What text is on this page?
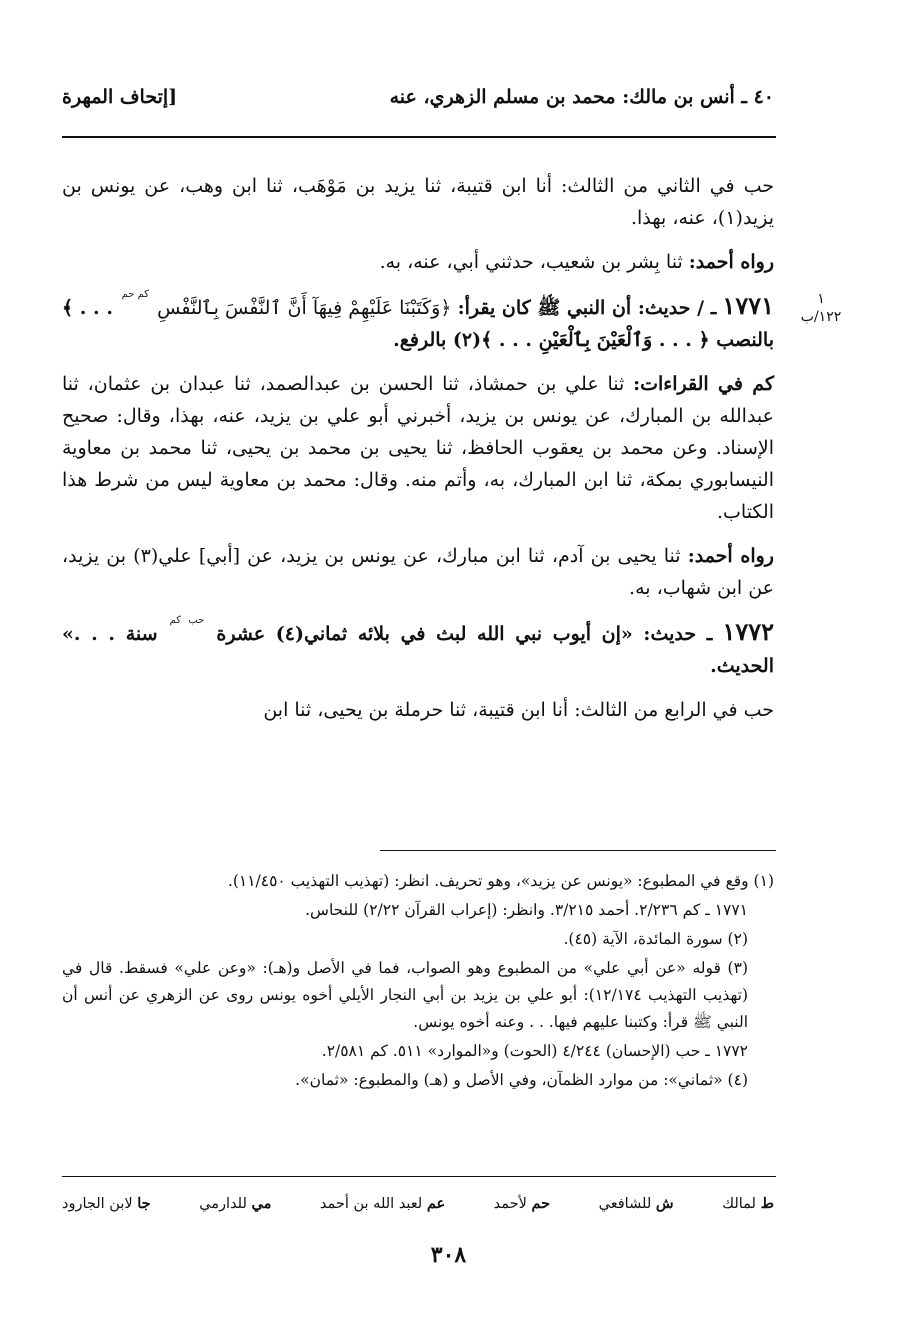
٤٠ ـ أنس بن مالك: محمد بن مسلم الزهري، عنه
[إتحاف المهرة
١
١٢٢/ب

حب في الثاني من الثالث: أنا ابن قتيبة، ثنا يزيد بن مَوْهَب، ثنا ابن وهب، عن يونس بن يزيد(١)، عنه، بهذا.

رواه أحمد: ثنا بِشر بن شعيب، حدثني أبي، عنه، به.

١٧٧١ ـ / حديث: أن النبي ﷺ كان يقرأ: ﴿وَكَتَبْنَا عَلَيْهِمْ فِيهَآ أَنَّ ٱلنَّفْسَ بِٱلنَّفْسِ $^{كم حم}$ . . . ﴾ بالنصب ﴿ . . . وَٱلْعَيْنَ بِٱلْعَيْنِ . . . ﴾(٢) بالرفع.

كم في القراءات: ثنا علي بن حمشاذ، ثنا الحسن بن عبدالصمد، ثنا عبدان بن عثمان، ثنا عبدالله بن المبارك، عن يونس بن يزيد، أخبرني أبو علي بن يزيد، عنه، بهذا، وقال: صحيح الإسناد. وعن محمد بن يعقوب الحافظ، ثنا يحيى بن محمد بن يحيى، ثنا محمد بن معاوية النيسابوري بمكة، ثنا ابن المبارك، به، وأتم منه. وقال: محمد بن معاوية ليس من شرط هذا الكتاب.

رواه أحمد: ثنا يحيى بن آدم، ثنا ابن مبارك، عن يونس بن يزيد، عن [أبي] علي(٣) بن يزيد، عن ابن شهاب، به.

١٧٧٢ ـ حديث: «إن أيوب نبي الله لبث في بلائه ثماني(٤) عشرة $^{حب كم}$ سنة . . .» الحديث.

حب في الرابع من الثالث: أنا ابن قتيبة، ثنا حرملة بن يحيى، ثنا ابن

(١) وقع في المطبوع: «يونس عن يزيد»، وهو تحريف. انظر: (تهذيب التهذيب ١١/٤٥٠).

١٧٧١ ـ كم ٢/٢٣٦. أحمد ٣/٢١٥. وانظر: (إعراب القرآن ٢/٢٢) للنحاس.

(٢) سورة المائدة، الآية (٤٥).

(٣) قوله «عن أبي علي» من المطبوع وهو الصواب، فما في الأصل و(هـ): «وعن علي» فسقط. قال في (تهذيب التهذيب ١٢/١٧٤): أبو علي بن يزيد بن أبي النجار الأيلي أخوه يونس روى عن الزهري عن أنس أن النبي ﷺ قرأ: وكتبنا عليهم فيها. . . وعنه أخوه يونس.

١٧٧٢ ـ حب (الإحسان) ٤/٢٤٤ (الحوت) و«الموارد» ٥١١. كم ٢/٥٨١.

(٤) «ثماني»: من موارد الظمآن، وفي الأصل و (هـ) والمطبوع: «ثمان».

ط لمالك
ش للشافعي
حم لأحمد
عم لعبد الله بن أحمد
مي للدارمي
جا لابن الجارود
٣٠٨
